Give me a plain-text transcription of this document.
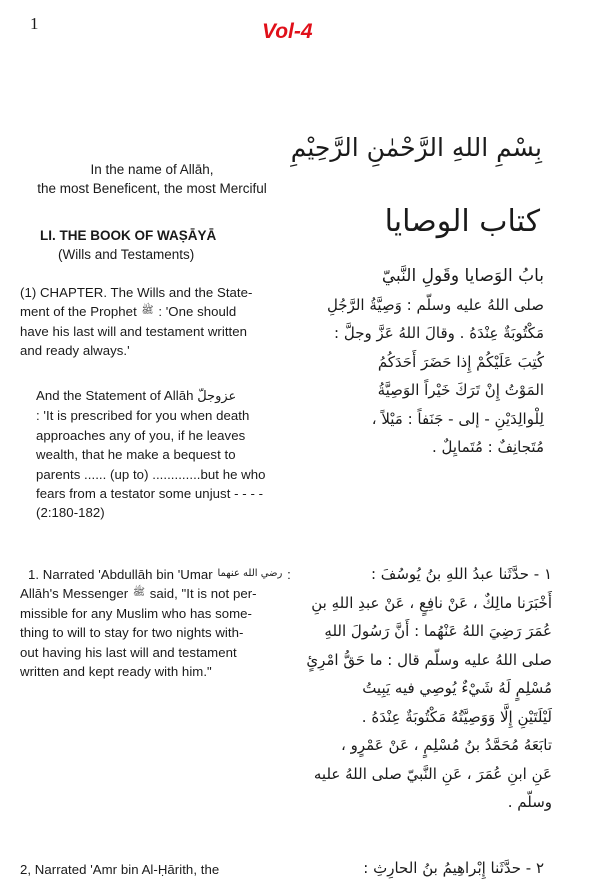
1	Vol-4
بِسْمِ اللهِ الرَّحْمٰنِ الرَّحِيْمِ
In the name of Allāh,
the most Beneficent, the most Merciful
LI. THE BOOK OF WAṢĀYĀ
(Wills and Testaments)
كتاب الوصايا
(1) CHAPTER. The Wills and the State-
ment of the Prophet ﷺ : 'One should
have his last will and testament written
and ready always.'
And the Statement of Allāh عزوجلّ
: 'It is prescribed for you when death
approaches any of you, if he leaves
wealth, that he make a bequest to
parents ...... (up to) .............but he who
fears from a testator some unjust - - - -
(2:180-182)
بابُ الوَصايا وقَولِ النَّبيّ
صلى اللهُ عليه وسلّم : وَصِيَّةُ الرَّجُلِ
مَكْتُوبَةٌ عِنْدَهُ . وقالَ اللهُ عَزَّ وجلَّ :
كُتِبَ عَلَيْكُمْ إِذا حَضَرَ أَحَدَكُمُ
المَوْتُ إِنْ تَرَكَ خَيْراً الوَصِيَّةُ
لِلْوالِدَيْنِ - إلى - جَنَفاً : مَيْلاً ،
مُتَجانِفٌ : مُتَمايِلٌ .
1. Narrated 'Abdullāh bin 'Umar رضي الله عنهما :
Allāh's Messenger ﷺ said, "It is not per-
missible for any Muslim who has some-
thing to will to stay for two nights with-
out having his last will and testament
written and kept ready with him."
١ - حدَّثَنا عبدُ اللهِ بنُ يُوسُفَ :
أَخْبَرَنا مالِكٌ ، عَنْ نافِعٍ ، عَنْ عبدِ اللهِ بنِ
عُمَرَ رَضِيَ اللهُ عَنْهُما : أَنَّ رَسُولَ اللهِ
صلى اللهُ عليه وسلّم قال : ما حَقُّ امْرِئٍ
مُسْلِمٍ لَهُ شَيْءٌ يُوصِي فيه يَبِيتُ
لَيْلَتَيْنِ إِلَّا وَوَصِيَّتُهُ مَكْتُوبَةٌ عِنْدَهُ .
تابَعَهُ مُحَمَّدُ بنُ مُسْلِمٍ ، عَنْ عَمْرٍو ،
عَنِ ابنِ عُمَرَ ، عَنِ النَّبيّ صلى اللهُ عليه
وسلّم .
2, Narrated 'Amr bin Al-Ḥārith, the	٢ - حدَّثَنا إِبْراهِيمُ بنُ الحارِثِ :
